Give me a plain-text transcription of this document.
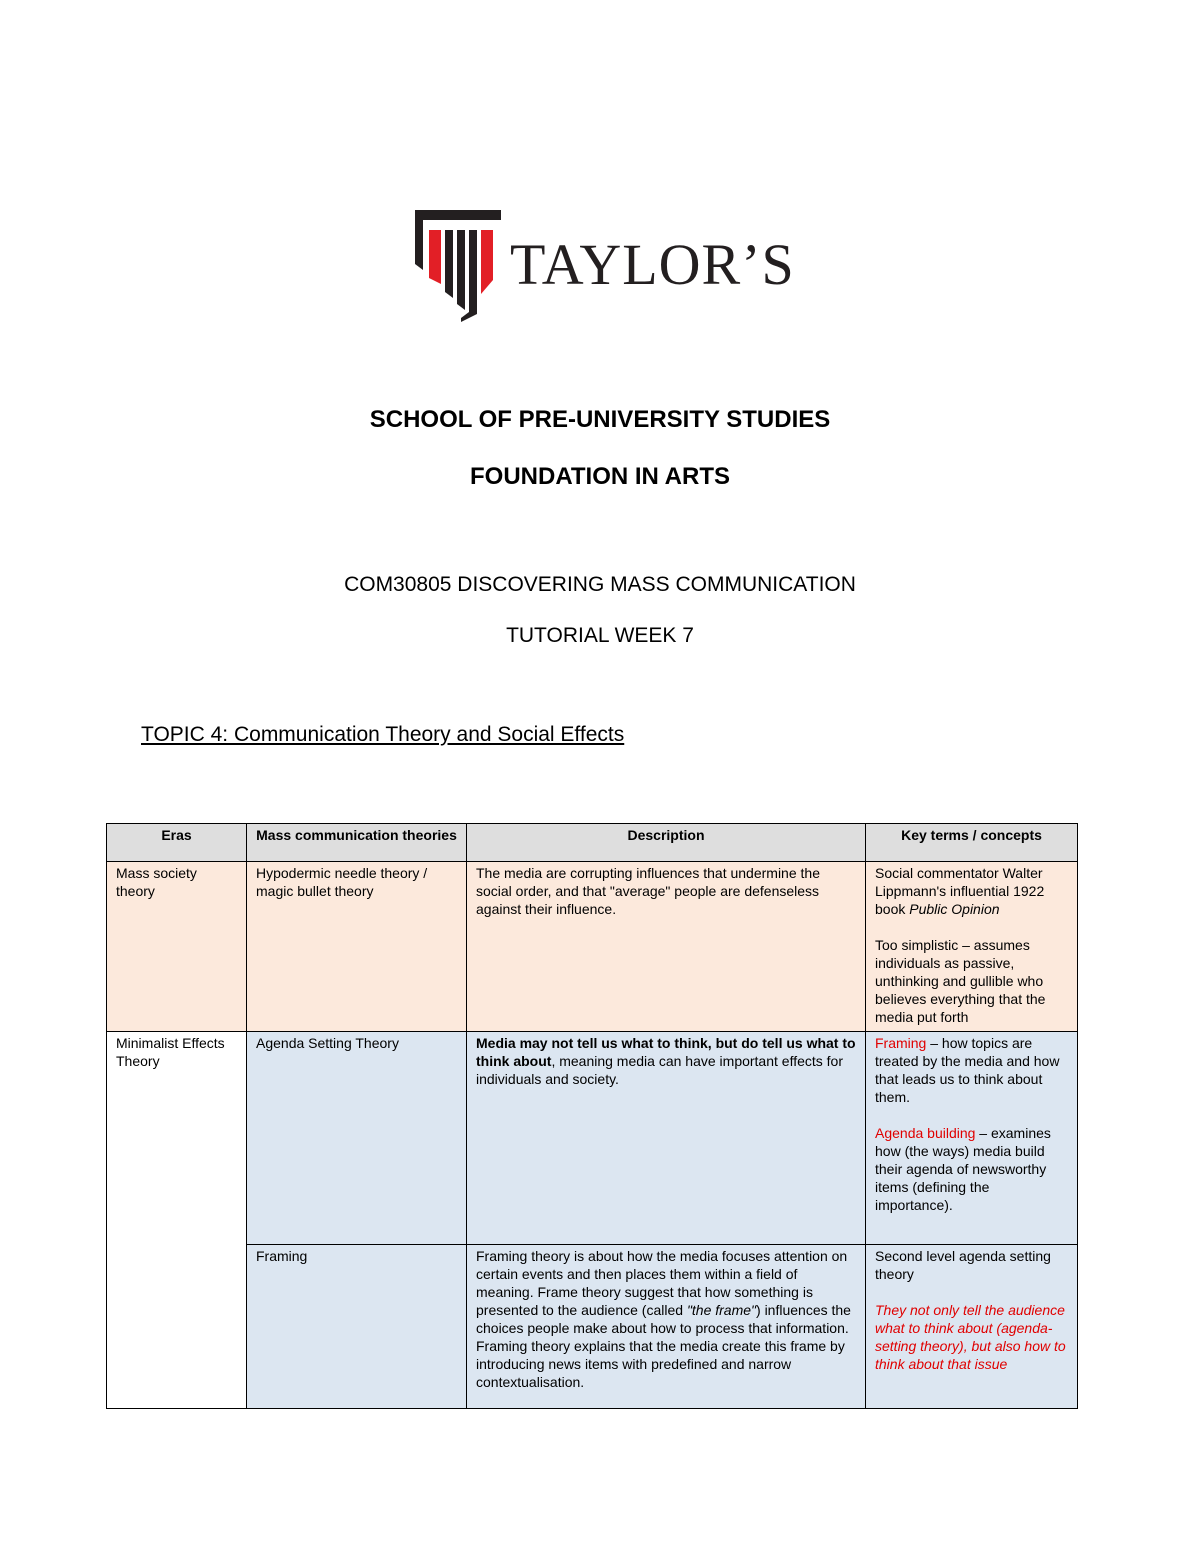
TAYLOR’S
SCHOOL OF PRE-UNIVERSITY STUDIES
FOUNDATION IN ARTS
COM30805 DISCOVERING MASS COMMUNICATION
TUTORIAL WEEK 7
TOPIC 4: Communication Theory and Social Effects
Eras	Mass communication theories	Description	Key terms / concepts
Mass society theory	Hypodermic needle theory / magic bullet theory	The media are corrupting influences that undermine the social order, and that "average" people are defenseless against their influence.	Social commentator Walter Lippmann's influential 1922 book Public Opinion
Too simplistic – assumes individuals as passive, unthinking and gullible who believes everything that the media put forth
Minimalist Effects Theory	Agenda Setting Theory	Media may not tell us what to think, but do tell us what to think about, meaning media can have important effects for individuals and society.	Framing – how topics are treated by the media and how that leads us to think about them.
Agenda building – examines how (the ways) media build their agenda of newsworthy items (defining the importance).
	Framing	Framing theory is about how the media focuses attention on certain events and then places them within a field of meaning. Frame theory suggest that how something is presented to the audience (called "the frame") influences the choices people make about how to process that information. Framing theory explains that the media create this frame by introducing news items with predefined and narrow contextualisation.	Second level agenda setting theory
They not only tell the audience what to think about (agenda-setting theory), but also how to think about that issue
